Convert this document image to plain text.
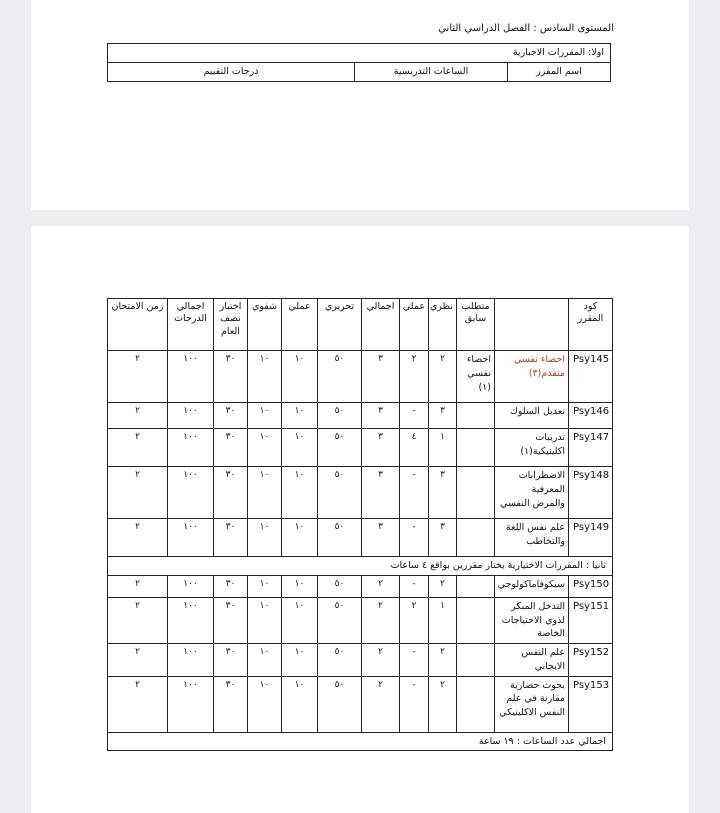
المستوى السادس : الفصل الدراسي الثاني
اولا: المقررات الاجبارية
اسم المقرر	الساعات التدريسية	درجات التقييم
كود المقرر		متطلب سابق	نظري	عملي	اجمالي	تحريري	عملي	شفوي	اختبار نصف العام	اجمالي الدرجات	زمن الامتحان
Psy145	احصاء نفسي متقدم(٣)	احصاء نفسي (١)	٢	٢	٣	٥٠	١٠	١٠	٣٠	١٠٠	٢
Psy146	تعديل السلوك		٣	-	٣	٥٠	١٠	١٠	٣٠	١٠٠	٢
Psy147	تدريبات اكلينيكية(١)		١	٤	٣	٥٠	١٠	١٠	٣٠	١٠٠	٢
Psy148	الاضطرابات المعرفية والمرض النفسي		٣	-	٣	٥٠	١٠	١٠	٣٠	١٠٠	٢
Psy149	علم نفس اللغة والتخاطب		٣	-	٣	٥٠	١٠	١٠	٣٠	١٠٠	٢
ثانيا : المقررات الاختيارية يختار مقررين بواقع ٤ ساعات											
Psy150	سيكوفاماكولوجي		٢	-	٢	٥٠	١٠	١٠	٣٠	١٠٠	٢
Psy151	التدخل المبكر لذوي الاحتياجات الخاصة		١	٢	٢	٥٠	١٠	١٠	٣٠	١٠٠	٢
Psy152	علم النفس الايجابي		٢	-	٢	٥٠	١٠	١٠	٣٠	١٠٠	٢
Psy153	بحوث حضارية مقارنة في علم النفس الاكلينيكي		٢	-	٢	٥٠	١٠	١٠	٣٠	١٠٠	٢
اجمالي عدد الساعات : ١٩ ساعة											
